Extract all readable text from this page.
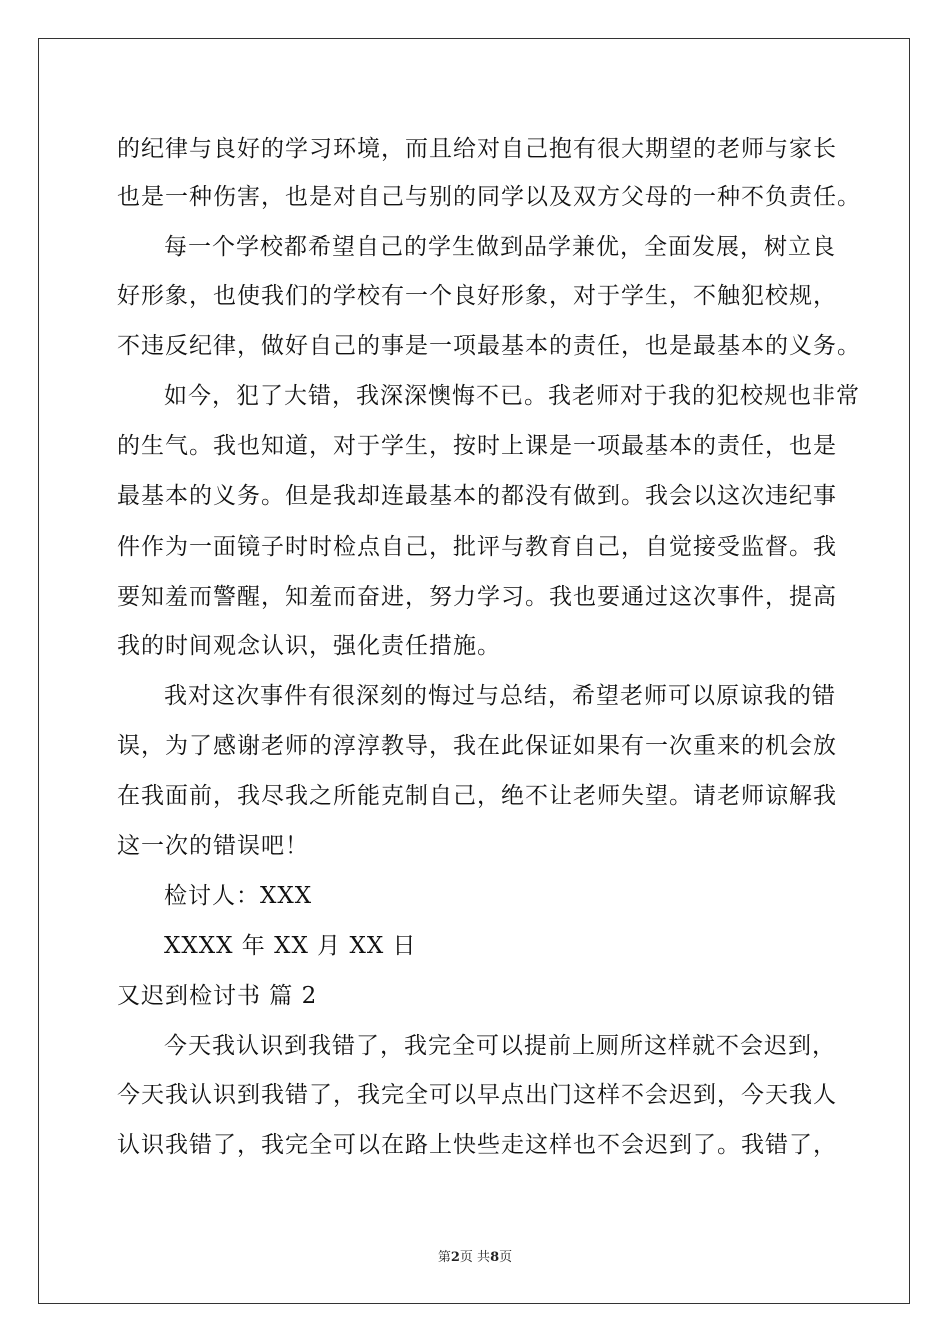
的纪律与良好的学习环境，而且给对自己抱有很大期望的老师与家长
也是一种伤害，也是对自己与别的同学以及双方父母的一种不负责任。
每一个学校都希望自己的学生做到品学兼优，全面发展，树立良
好形象，也使我们的学校有一个良好形象，对于学生，不触犯校规，
不违反纪律，做好自己的事是一项最基本的责任，也是最基本的义务。
如今，犯了大错，我深深懊悔不已。我老师对于我的犯校规也非常
的生气。我也知道，对于学生，按时上课是一项最基本的责任，也是
最基本的义务。但是我却连最基本的都没有做到。我会以这次违纪事
件作为一面镜子时时检点自己，批评与教育自己，自觉接受监督。我
要知羞而警醒，知羞而奋进，努力学习。我也要通过这次事件，提高
我的时间观念认识，强化责任措施。
我对这次事件有很深刻的悔过与总结，希望老师可以原谅我的错
误，为了感谢老师的淳淳教导，我在此保证如果有一次重来的机会放
在我面前，我尽我之所能克制自己，绝不让老师失望。请老师谅解我
这一次的错误吧！
检讨人：XXX
XXXX 年 XX 月 XX 日
又迟到检讨书 篇 2
今天我认识到我错了，我完全可以提前上厕所这样就不会迟到，
今天我认识到我错了，我完全可以早点出门这样不会迟到，今天我人
认识我错了，我完全可以在路上快些走这样也不会迟到了。我错了，
第2页 共8页
